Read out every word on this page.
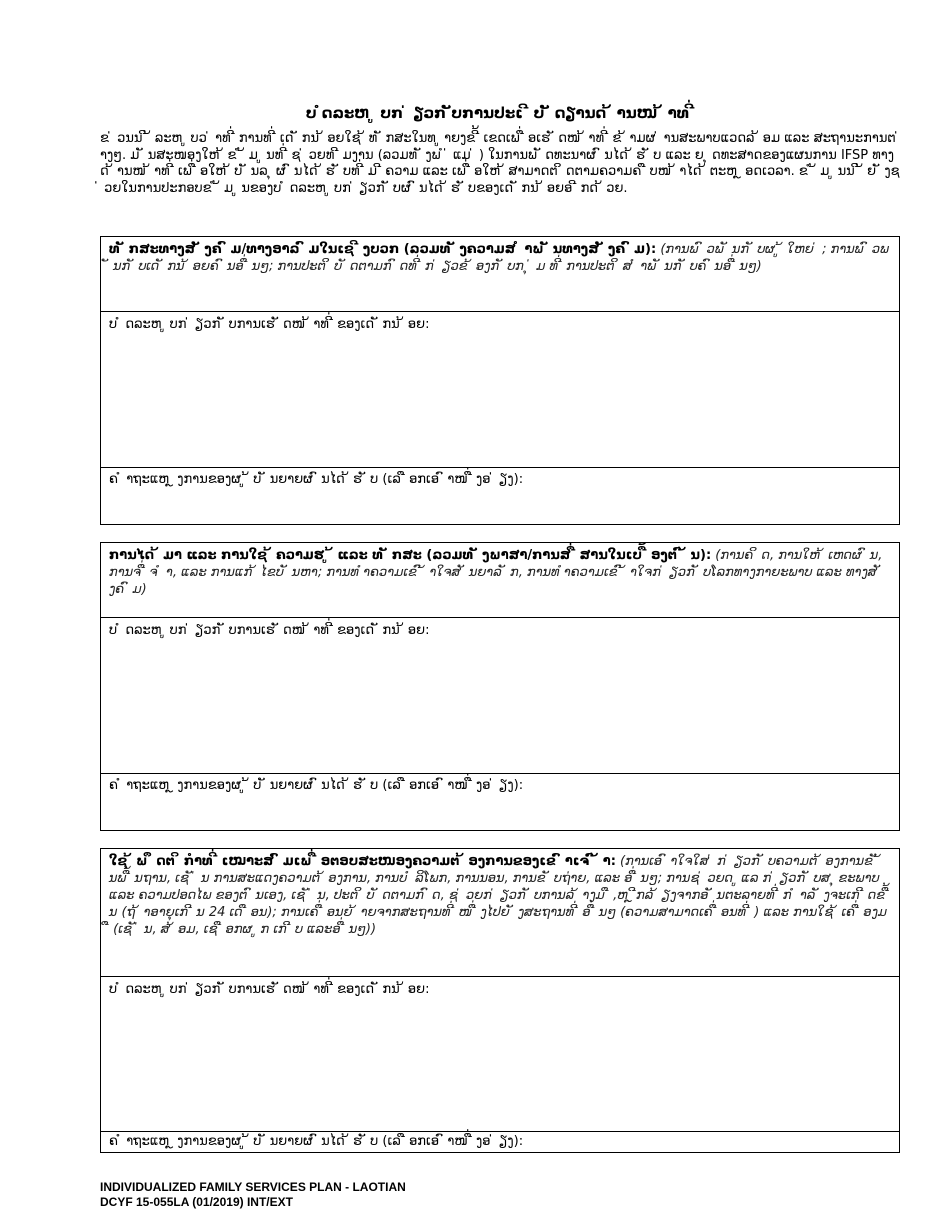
ບ ໍດລະຫ ູ ບກ ່ ຽວກ ັບການປະເ ີ ບ ັ ດຽານດ ້ ານໜ ້ າທ ີ່
ຂ ່ ວນນ ີ ້ ລະຫ ູ ບວ ່ າທ ີ່ ການທ ີ່ ເດ ັ ກນ ້ ອຍໃຊ ້ ທ ັ ກສະໃນທ ູ າຍງຂ ີ້ ເຂດເພ ື່ ອເຮ ັ ດໜ ້ າທ ີ່ ຂ ້ າມຜ ່ ານສະພາບແວດລ ້ ອມ ແລະ ສະຖານະການຕ ່ າງໆ. ມ ັ ນສະໜອງໃຫ ້ ຂ ໍ ້ ມ ູ ນທ ີ່ ຊ ່ ວຍທ ີ ມງານ (ລວມທ ັ ງພ ໍ ່ ແມ ່ ) ໃນການພ ັ ດທະນາຜ ົ ນໄດ ້ ຮ ັ ບ ແລະ ຍ ຸ ດທະສາດຂອງແຜນການ IFSP ທາງດ ້ ານໜ ້ າທ ີ່ ເພ ື່ ອໃຫ ້ ບ ັ ນລ ຸ ຜ ົ ນໄດ ້ ຮ ັ ບທ ີ່ ມ ີ ຄວາມ ແລະ ເພ ື່ ອໃຫ ້ ສາມາດຕ ິ ດຕາມຄວາມຄ ື ບໜ ້ າໄດ ້ ຕະຫ ຼ ອດເວລາ. ຂ ໍ ້ ມ ູ ນນ ີ ້ ຍ ັ ງຊ ່ ວຍໃນການປະກອບຂ ໍ ້ ມ ູ ນຂອງບ ໍ ດລະຫ ູ ບກ ່ ຽວກ ັ ບຜ ົ ນໄດ ້ ຮ ັ ບຂອງເດ ັ ກນ ້ ອຍອ ີ ກດ ້ ວຍ.
ທ ັ ກສະທາງສ ັ ງຄ ົ ມ/ທາງອາລ ົ ມໃນເຊ ີ ງບວກ (ລວມທ ັ ງຄວາມສ ໍ າພ ັ ນທາງສ ັ ງຄ ົ ມ): (ການພ ົ ວພ ັ ນກ ັ ບຜ ູ ້ ໃຫຍ ່ ; ການພ ົ ວພ ັ ນກ ັ ບເດ ັ ກນ ້ ອຍຄ ົ ນອ ື່ ນໆ; ການປະຕ ິ ບ ັ ດຕາມກ ົ ດທ ີ່ ກ ່ ຽວຂ ້ ອງກ ັ ບກ ຸ ່ ມ ທ ີ່ ການປະຕ ິ ສ ໍ າພ ັ ນກ ັ ບຄ ົ ນອ ື່ ນໆ)
ບ ໍ ດລະຫ ູ ບກ ່ ຽວກ ັ ບການເຮ ັ ດໜ ້ າທ ີ່ ຂອງເດ ັ ກນ ້ ອຍ:
ຄ ໍ າຖະແຫ ຼ ງການຂອງຜ ູ ້ ບ ັ ນຍາຍຜ ົ ນໄດ ້ ຮ ັ ບ (ເລ ື ອກເອ ົ າໜ ື່ ງອ ່ ຽງ):
ການໄດ ້ ມາ ແລະ ການໃຊ ້ ຄວາມຮ ູ ້ ແລະ ທ ັ ກສະ (ລວມທ ັ ງພາສາ/ການສ ື່ ສານໃນເບ ື້ ອງຕ ົ ້ ນ): (ການຄ ິ ດ, ການໃຫ ້ ເຫດຜ ົ ນ, ການຈ ື່ ຈ ໍ າ, ແລະ ການແກ ້ ໄຂບ ັ ນຫາ; ການທ ໍາຄວາມເຂ ົ ້ າໃຈສ ັ ນຍາລ ັ ກ, ການທ ໍາຄວາມເຂ ົ ້ າໃຈກ ່ ຽວກ ັ ບໂລກທາງກາຍະພາບ ແລະ ທາງສ ັ ງຄ ົ ມ)
ບ ໍ ດລະຫ ູ ບກ ່ ຽວກ ັ ບການເຮ ັ ດໜ ້ າທ ີ່ ຂອງເດ ັ ກນ ້ ອຍ:
ຄ ໍ າຖະແຫ ຼ ງການຂອງຜ ູ ້ ບ ັ ນຍາຍຜ ົ ນໄດ ້ ຮ ັ ບ (ເລ ື ອກເອ ົ າໜ ື່ ງອ ່ ຽງ):
ໃຊ ້ ພ ຶ ດຕ ິ ກໍາທ ີ່ ເໝາະສ ົ ມເພ ື່ ອຕອບສະໜອງຄວາມຕ ້ ອງການຂອງເຂ ົ າເຈ ົ ້ າ: (ການເອ ົ າໃຈໃສ ່ ກ ່ ຽວກ ັ ບຄວາມຕ ້ ອງການຂ ັ ້ ນພ ື້ ນຖານ, ເຊ ັ ່ ນ ການສະແດງຄວາມຕ ້ ອງການ, ການບ ໍ ລິໂພກ, ການນອນ, ການຂ ັ ບຖ່າຍ, ແລະ ອ ື່ ນໆ; ການຊ ່ ວຍດ ູ ແລ ກ ່ ຽວກ ັ ບສ ຸ ຂະພາບ ແລະ ຄວາມປອດໄພ ຂອງຕ ົ ນເອງ, ເຊ ັ ່ ນ, ປະຕ ິ ບ ັ ດຕາມກ ົ ດ, ຊ ່ ວຍກ ່ ຽວກ ັ ບການລ ້ າງມ ື ,ຫ ຼ ີກລ ້ ຽງຈາກອ ັ ນຕະລາຍທ ີ່ ກ ໍ າລ ັ ງຈະເກ ີ ດຂ ື້ ນ (ຖ ້ າອາຍຸເກ ີ ນ 24 ເດ ື ອນ); ການເຄ ື່ ອນຍ ້ າຍຈາກສະຖານທ ີ່ ໜ ື່ ງໄປຍ ັ ງສະຖານທ ີ່ ອ ື່ ນໆ (ຄວາມສາມາດເຄ ື່ ອນທ ີ່ ) ແລະ ການໃຊ ້ ເຄ ື່ ອງມ ື (ເຊ ັ ່ ນ, ສ ້ ອມ, ເຊ ື ອກຜ ູ ກ ເກ ີ ບ ແລະອ ື່ ນໆ))
ບ ໍ ດລະຫ ູ ບກ ່ ຽວກ ັ ບການເຮ ັ ດໜ ້ າທ ີ່ ຂອງເດ ັ ກນ ້ ອຍ:
ຄ ໍ າຖະແຫ ຼ ງການຂອງຜ ູ ້ ບ ັ ນຍາຍຜ ົ ນໄດ ້ ຮ ັ ບ (ເລ ື ອກເອ ົ າໜ ື່ ງອ ່ ຽງ):
INDIVIDUALIZED FAMILY SERVICES PLAN - LAOTIAN
DCYF 15-055LA (01/2019) INT/EXT
